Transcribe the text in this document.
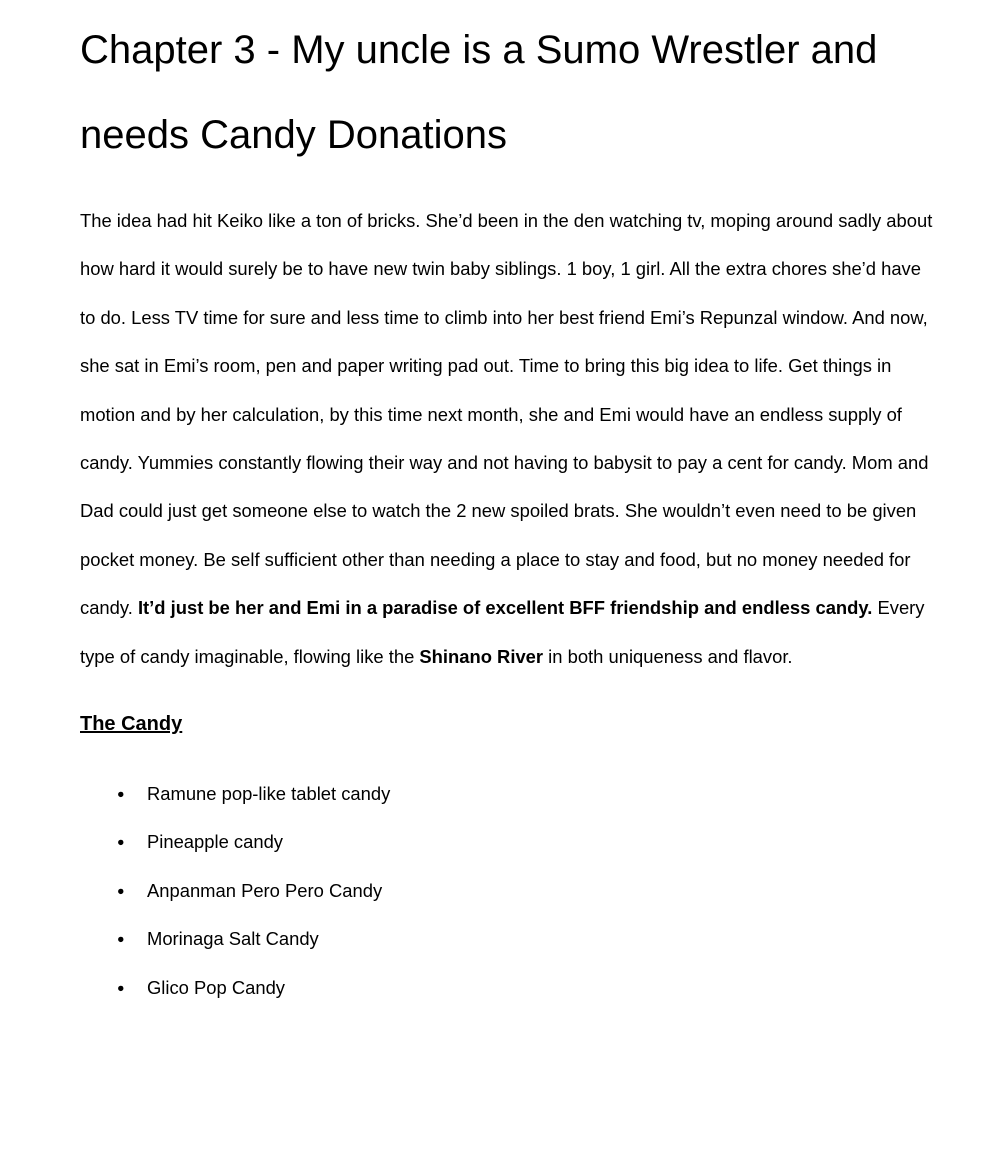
Chapter 3 - My uncle is a Sumo Wrestler and needs Candy Donations

The idea had hit Keiko like a ton of bricks. She’d been in the den watching tv, moping around sadly about how hard it would surely be to have new twin baby siblings. 1 boy, 1 girl. All the extra chores she’d have to do. Less TV time for sure and less time to climb into her best friend Emi’s Repunzal window. And now, she sat in Emi’s room, pen and paper writing pad out. Time to bring this big idea to life. Get things in motion and by her calculation, by this time next month, she and Emi would have an endless supply of candy. Yummies constantly flowing their way and not having to babysit to pay a cent for candy. Mom and Dad could just get someone else to watch the 2 new spoiled brats. She wouldn’t even need to be given pocket money. Be self sufficient other than needing a place to stay and food, but no money needed for candy. It’d just be her and Emi in a paradise of excellent BFF friendship and endless candy. Every type of candy imaginable, flowing like the Shinano River in both uniqueness and flavor.

The Candy
● Ramune pop-like tablet candy
● Pineapple candy
● Anpanman Pero Pero Candy
● Morinaga Salt Candy
● Glico Pop Candy
